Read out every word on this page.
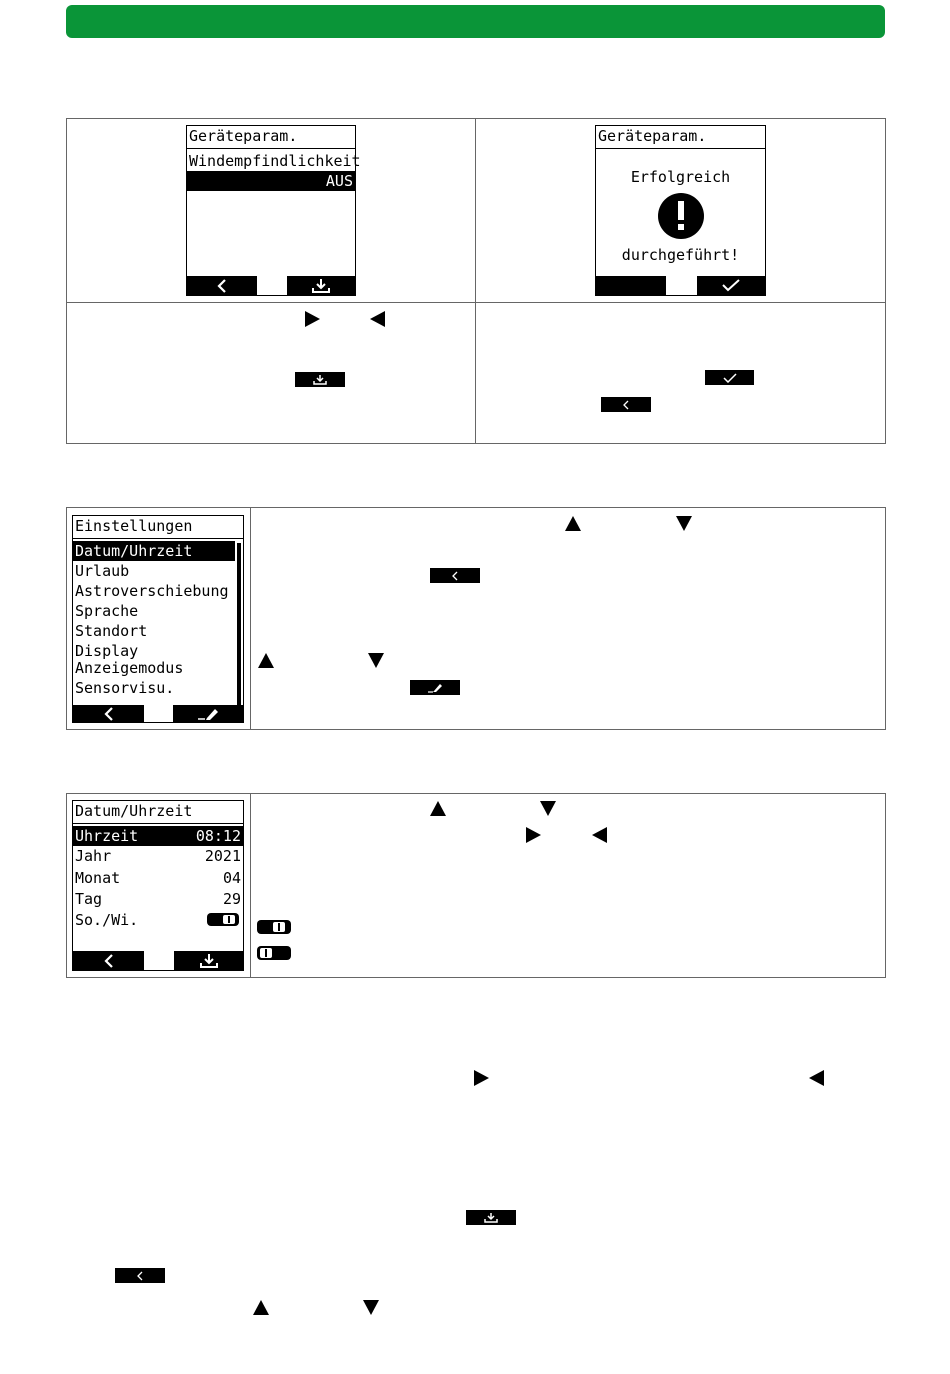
Geräteparam.
Windempfindlichkeit
AUS
Geräteparam.
Erfolgreich
durchgeführt!
Einstellungen
Datum/Uhrzeit
Urlaub
Astroverschiebung
Sprache
Standort
Display
Anzeigemodus
Sensorvisu.
Datum/Uhrzeit
Uhrzeit	08:12
Jahr	2021
Monat	04
Tag	29
So./Wi.
